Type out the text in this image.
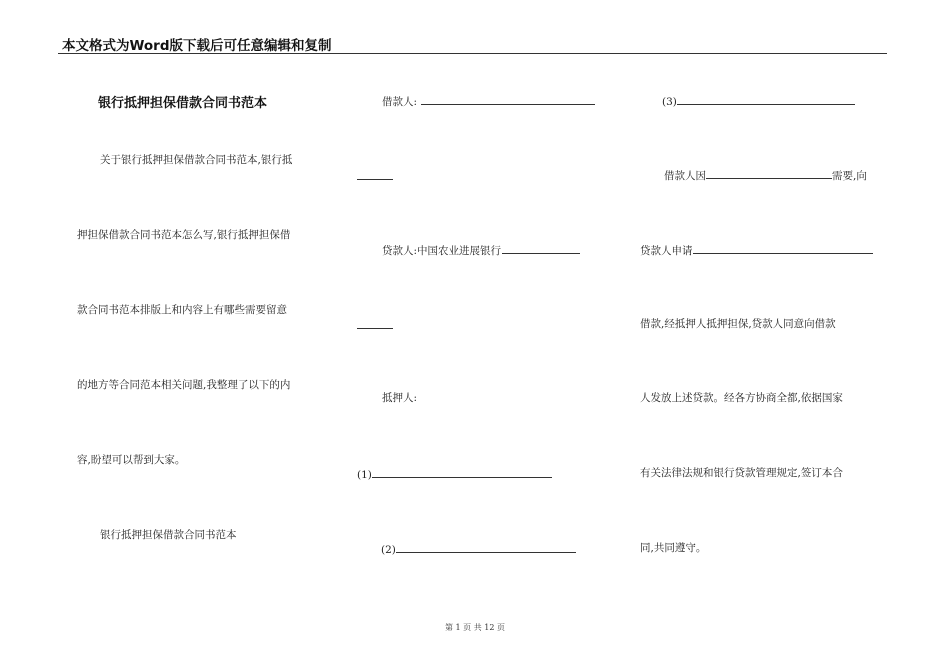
本文格式为Word版下载后可任意编辑和复制
银行抵押担保借款合同书范本
关于银行抵押担保借款合同书范本,银行抵
押担保借款合同书范本怎么写,银行抵押担保借
款合同书范本排版上和内容上有哪些需要留意
的地方等合同范本相关问题,我整理了以下的内
容,盼望可以帮到大家。
银行抵押担保借款合同书范本
借款人:
贷款人:中国农业进展银行
抵押人:
(1)
(2)
(3)
借款人因	需要,向
贷款人申请
借款,经抵押人抵押担保,贷款人同意向借款
人发放上述贷款。经各方协商全都,依据国家
有关法律法规和银行贷款管理规定,签订本合
同,共同遵守。
第 1 页 共 12 页
